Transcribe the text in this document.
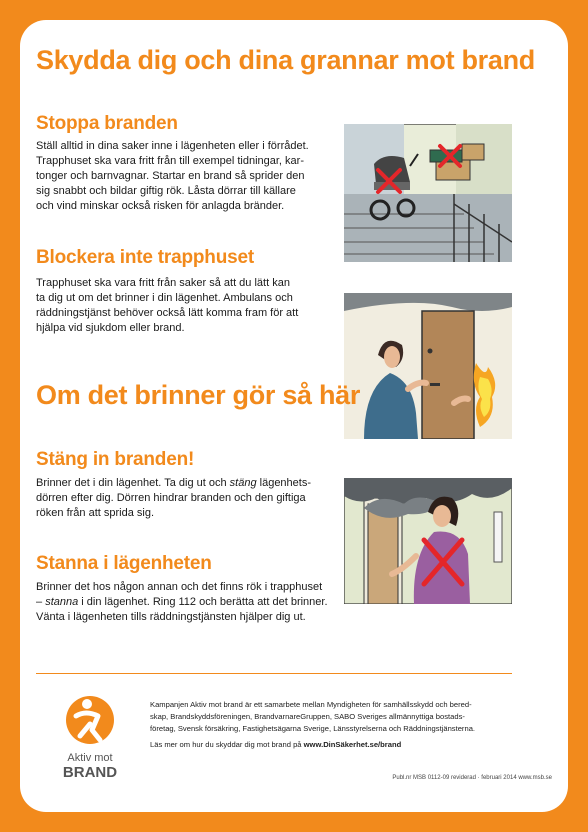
Skydda dig och dina grannar mot brand
Stoppa branden
Ställ alltid in dina saker inne i lägenheten eller i förrådet.
Trapphuset ska vara fritt från till exempel tidningar, kar-
tonger och barnvagnar. Startar en brand så sprider den
sig snabbt och bildar giftig rök. Låsta dörrar till källare
och vind minskar också risken för anlagda bränder.
Blockera inte trapphuset
Trapphuset ska vara fritt från saker så att du lätt kan
ta dig ut om det brinner i din lägenhet. Ambulans och
räddningstjänst behöver också lätt komma fram för att
hjälpa vid sjukdom eller brand.
Om det brinner gör så här
Stäng in branden!
Brinner det i din lägenhet. Ta dig ut och stäng lägenhets-
dörren efter dig. Dörren hindrar branden och den giftiga
röken från att sprida sig.
Stanna i lägenheten
Brinner det hos någon annan och det finns rök i trapphuset
– stanna i din lägenhet. Ring 112 och berätta att det brinner.
Vänta i lägenheten tills räddningstjänsten hjälper dig ut.
Aktiv mot
BRAND
Kampanjen Aktiv mot brand är ett samarbete mellan Myndigheten för samhällsskydd och bered-
skap, Brandskyddsföreningen, BrandvarnareGruppen, SABO Sveriges allmännyttiga bostads-
företag, Svensk försäkring, Fastighetsägarna Sverige, Länsstyrelserna och Räddningstjänsterna.
Läs mer om hur du skyddar dig mot brand på www.DinSäkerhet.se/brand
Publ.nr MSB 0112-09 reviderad · februari 2014 www.msb.se
